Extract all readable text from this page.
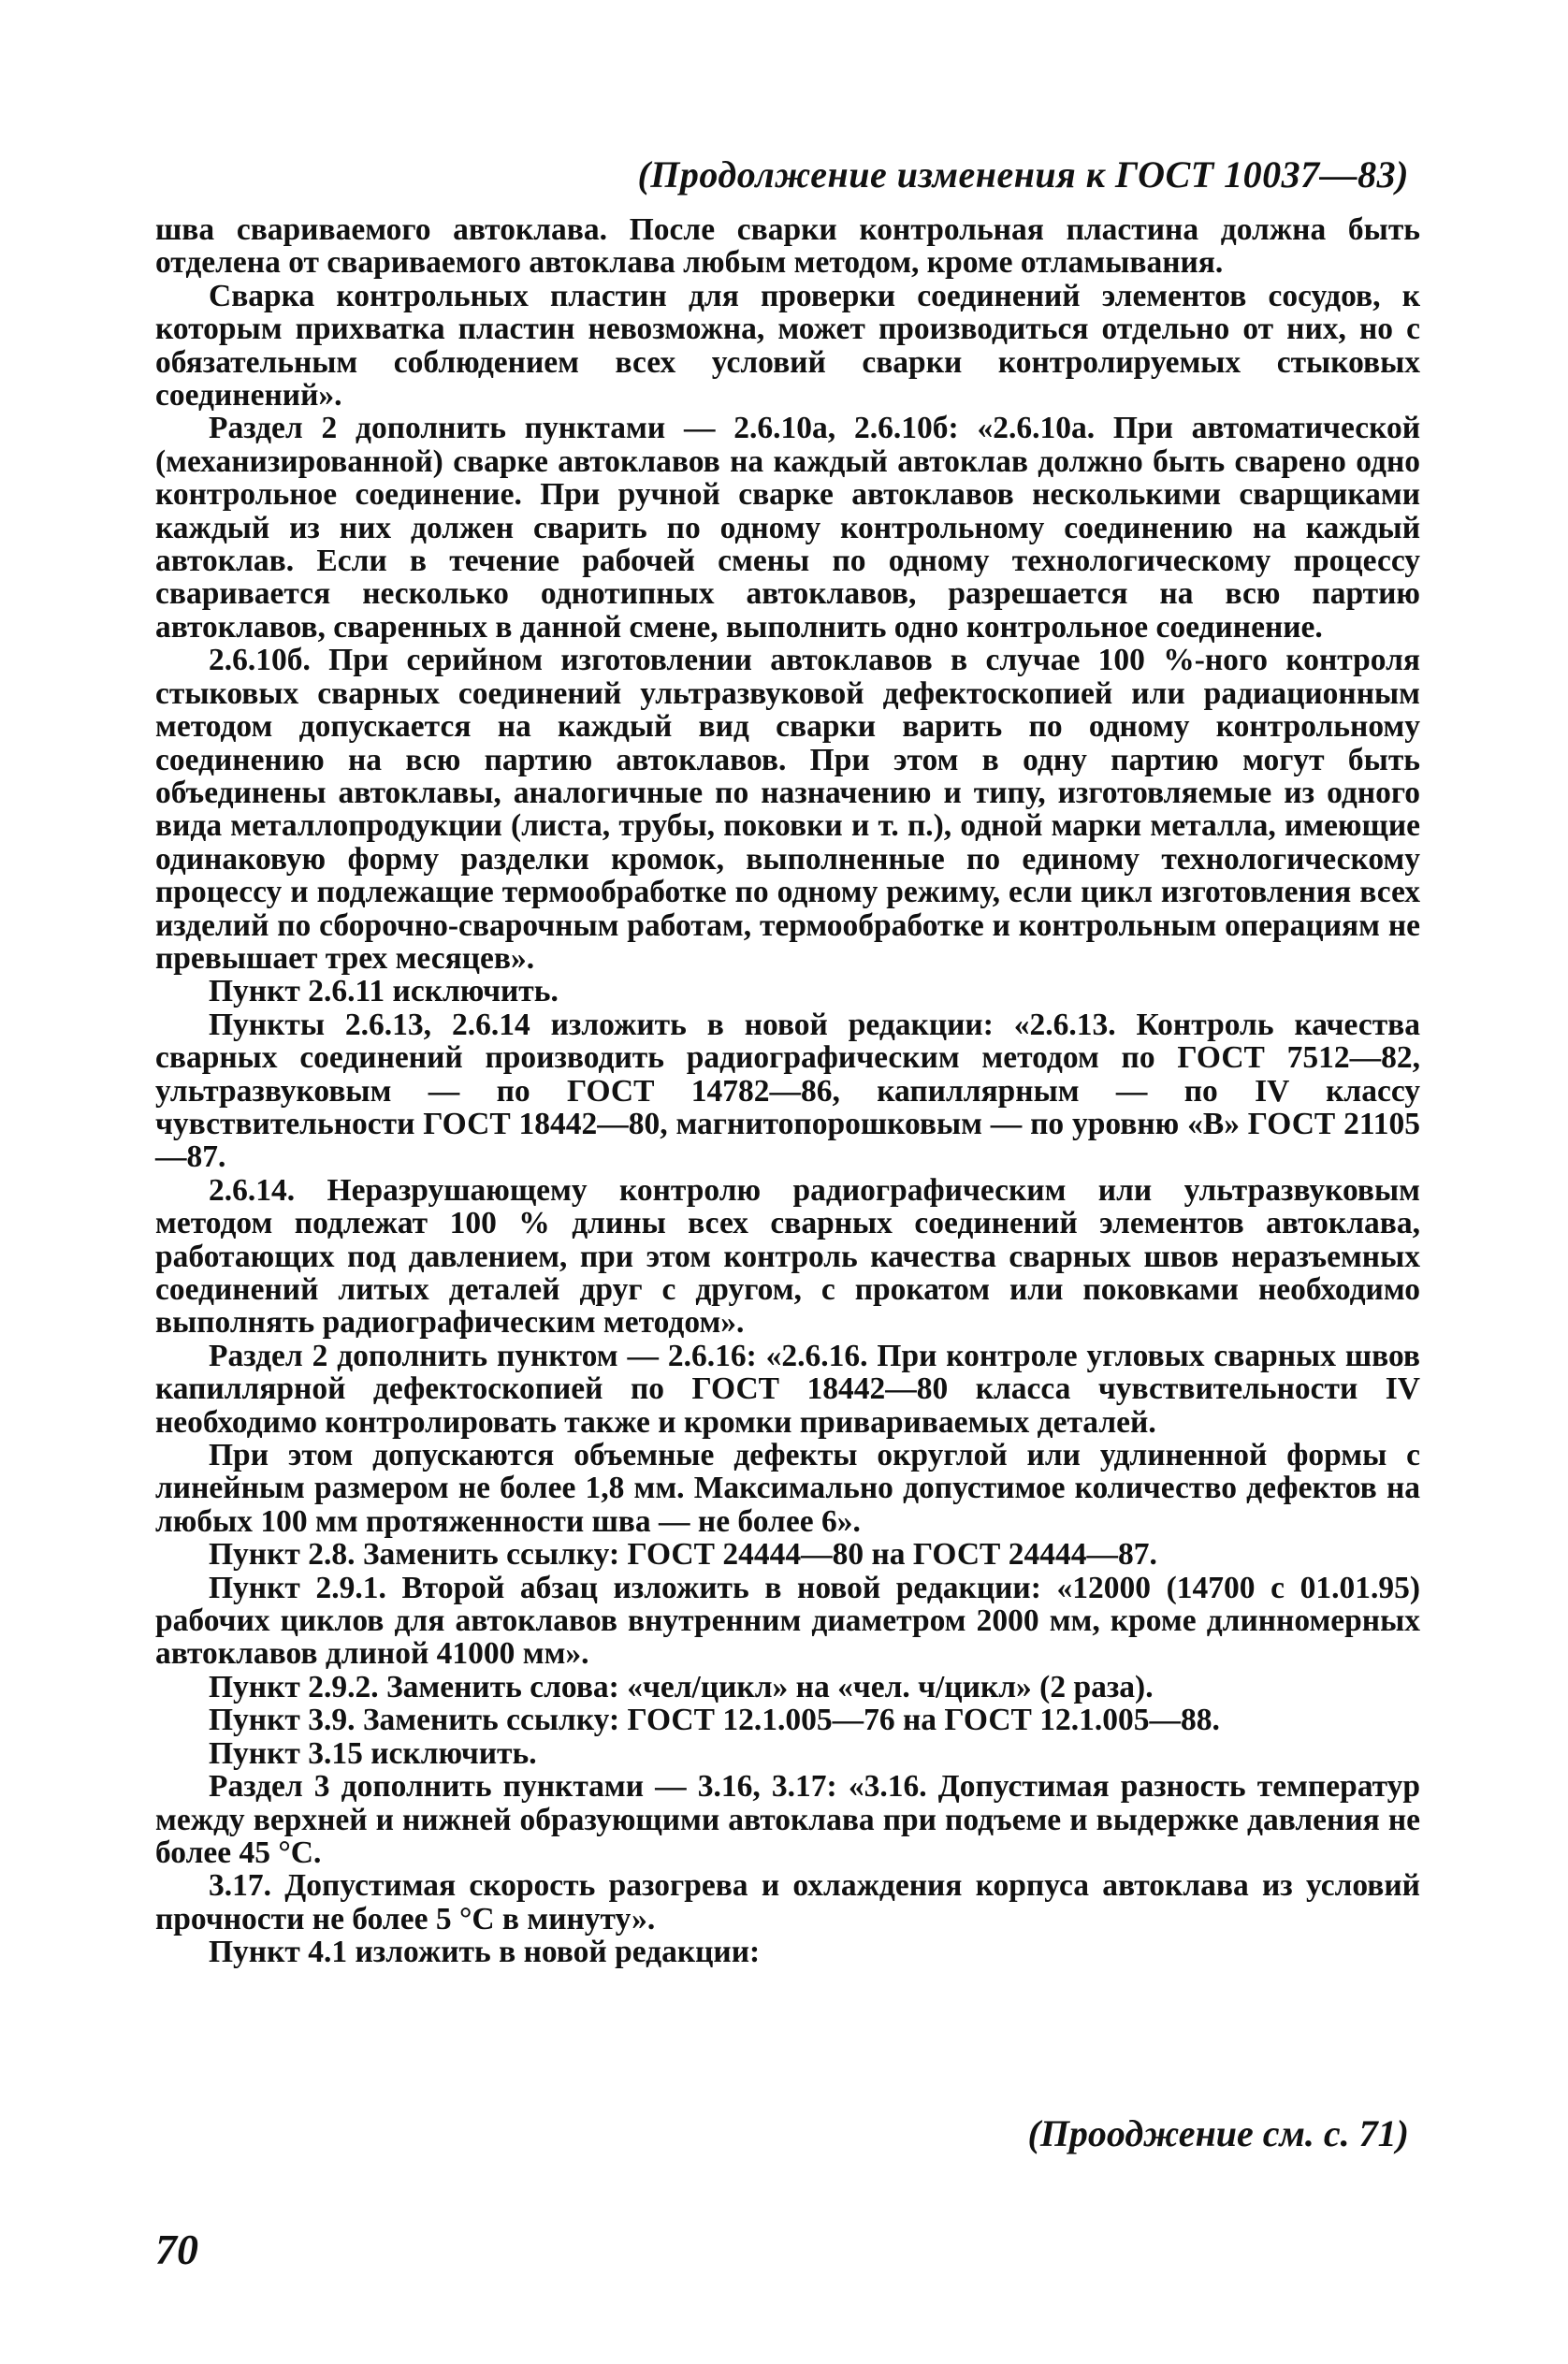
(Продолжение изменения к ГОСТ 10037—83)

шва свариваемого автоклава. После сварки контрольная пластина должна быть отделена от свариваемого автоклава любым методом, кроме отламывания.

Сварка контрольных пластин для проверки соединений элементов сосудов, к которым прихватка пластин невозможна, может производиться отдельно от них, но с обязательным соблюдением всех условий сварки контролируемых стыковых соединений».

Раздел 2 дополнить пунктами — 2.6.10а, 2.6.10б: «2.6.10а. При автоматической (механизированной) сварке автоклавов на каждый автоклав должно быть сварено одно контрольное соединение. При ручной сварке автоклавов несколькими сварщиками каждый из них должен сварить по одному контрольному соединению на каждый автоклав. Если в течение рабочей смены по одному технологическому процессу сваривается несколько однотипных автоклавов, разрешается на всю партию автоклавов, сваренных в данной смене, выполнить одно контрольное соединение.

2.6.10б. При серийном изготовлении автоклавов в случае 100 %-ного контроля стыковых сварных соединений ультразвуковой дефектоскопией или радиационным методом допускается на каждый вид сварки варить по одному контрольному соединению на всю партию автоклавов. При этом в одну партию могут быть объединены автоклавы, аналогичные по назначению и типу, изготовляемые из одного вида металлопродукции (листа, трубы, поковки и т. п.), одной марки металла, имеющие одинаковую форму разделки кромок, выполненные по единому технологическому процессу и подлежащие термообработке по одному режиму, если цикл изготовления всех изделий по сборочно-сварочным работам, термообработке и контрольным операциям не превышает трех месяцев».

Пункт 2.6.11 исключить.

Пункты 2.6.13, 2.6.14 изложить в новой редакции: «2.6.13. Контроль качества сварных соединений производить радиографическим методом по ГОСТ 7512—82, ультразвуковым — по ГОСТ 14782—86, капиллярным — по IV классу чувствительности ГОСТ 18442—80, магнитопорошковым — по уровню «В» ГОСТ 21105—87.

2.6.14. Неразрушающему контролю радиографическим или ультразвуковым методом подлежат 100 % длины всех сварных соединений элементов автоклава, работающих под давлением, при этом контроль качества сварных швов неразъемных соединений литых деталей друг с другом, с прокатом или поковками необходимо выполнять радиографическим методом».

Раздел 2 дополнить пунктом — 2.6.16: «2.6.16. При контроле угловых сварных швов капиллярной дефектоскопией по ГОСТ 18442—80 класса чувствительности IV необходимо контролировать также и кромки привариваемых деталей.

При этом допускаются объемные дефекты округлой или удлиненной формы с линейным размером не более 1,8 мм. Максимально допустимое количество дефектов на любых 100 мм протяженности шва — не более 6».

Пункт 2.8. Заменить ссылку: ГОСТ 24444—80 на ГОСТ 24444—87.

Пункт 2.9.1. Второй абзац изложить в новой редакции: «12000 (14700 с 01.01.95) рабочих циклов для автоклавов внутренним диаметром 2000 мм, кроме длинномерных автоклавов длиной 41000 мм».

Пункт 2.9.2. Заменить слова: «чел/цикл» на «чел. ч/цикл» (2 раза).

Пункт 3.9. Заменить ссылку: ГОСТ 12.1.005—76 на ГОСТ 12.1.005—88.

Пункт 3.15 исключить.

Раздел 3 дополнить пунктами — 3.16, 3.17: «3.16. Допустимая разность температур между верхней и нижней образующими автоклава при подъеме и выдержке давления не более 45 °С.

3.17. Допустимая скорость разогрева и охлаждения корпуса автоклава из условий прочности не более 5 °С в минуту».

Пункт 4.1 изложить в новой редакции:

(Прооджение см. с. 71)
70
